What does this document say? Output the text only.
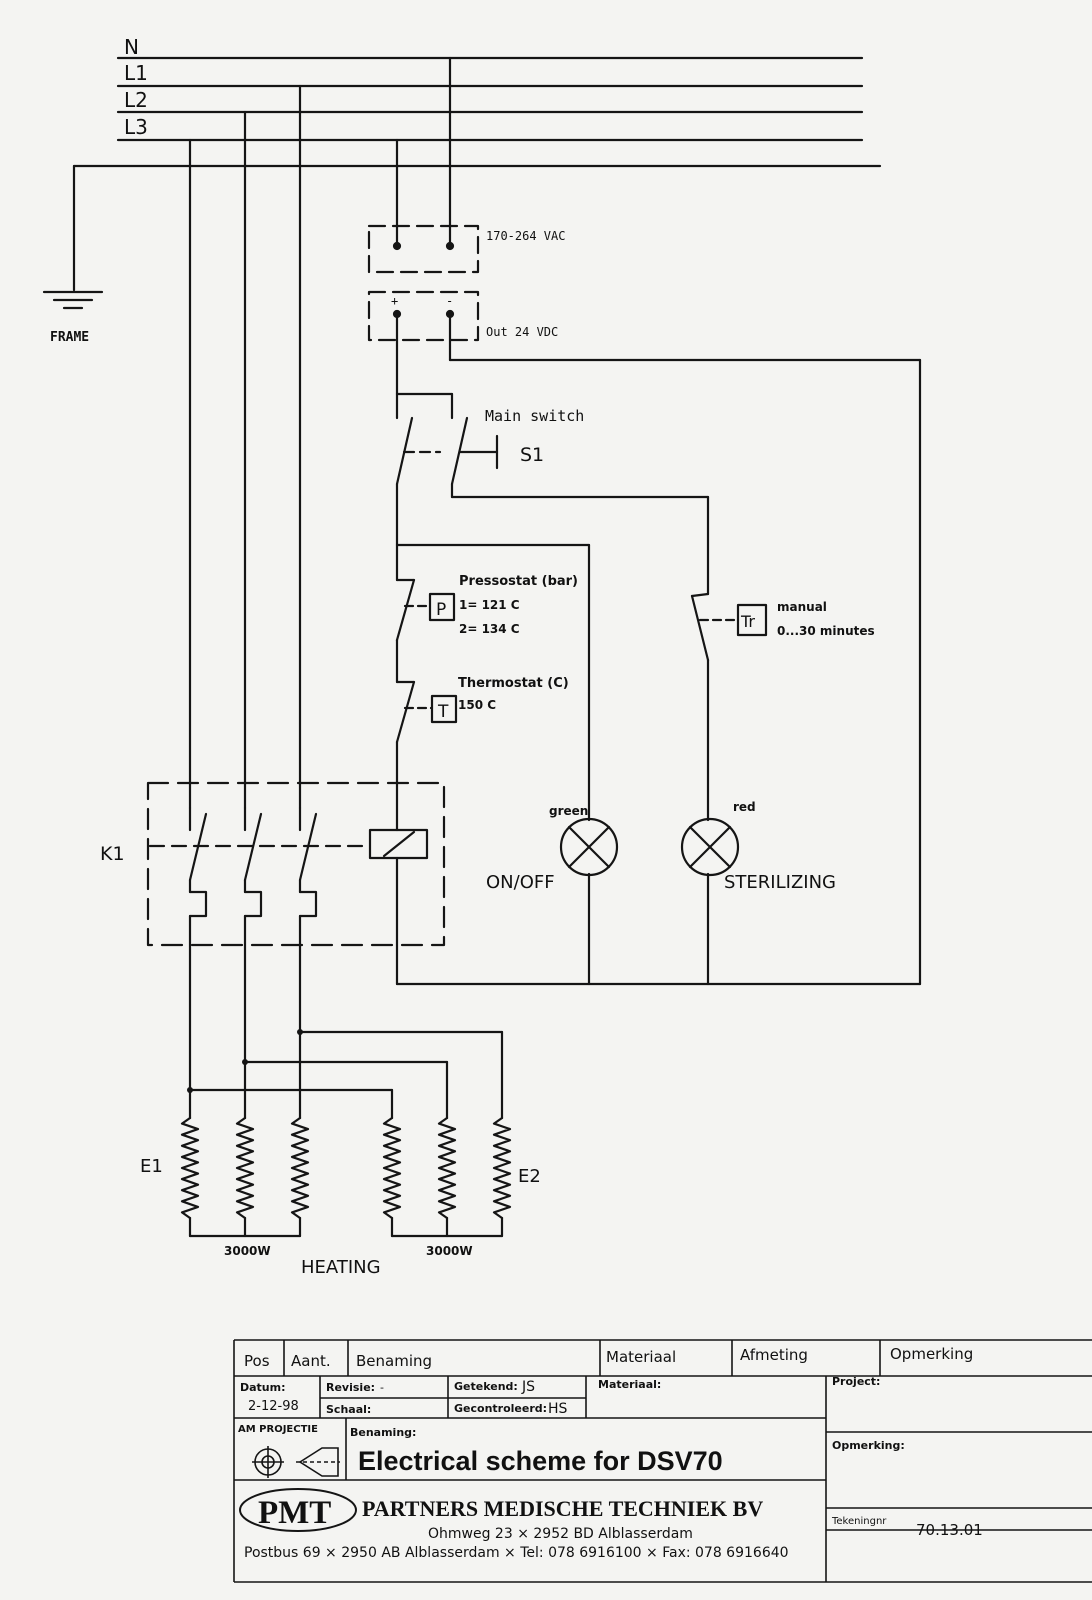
N
L1
L2
L3
FRAME
170-264 VAC
Out 24 VDC
+	-
Main switch
S1
Pressostat (bar)
P 1= 121 C
2= 134 C
Thermostat (C)
T 150 C
Tr
manual
0...30 minutes
K1
green
ON/OFF
red
STERILIZING
E1	E2
3000W	3000W
HEATING
Pos Aant. Benaming	Materiaal	Afmeting	Opmerking
Datum:
2-12-98
Revisie: -
Schaal:
Getekend: JS
Gecontroleerd: HS
Materiaal:	Project:
AM PROJECTIE	Benaming:
Electrical scheme for DSV70
Opmerking:
PMT PARTNERS MEDISCHE TECHNIEK BV
Ohmweg 23 × 2952 BD Alblasserdam
Postbus 69 × 2950 AB Alblasserdam × Tel: 078 6916100 × Fax: 078 6916640
Tekeningnr 70.13.01
